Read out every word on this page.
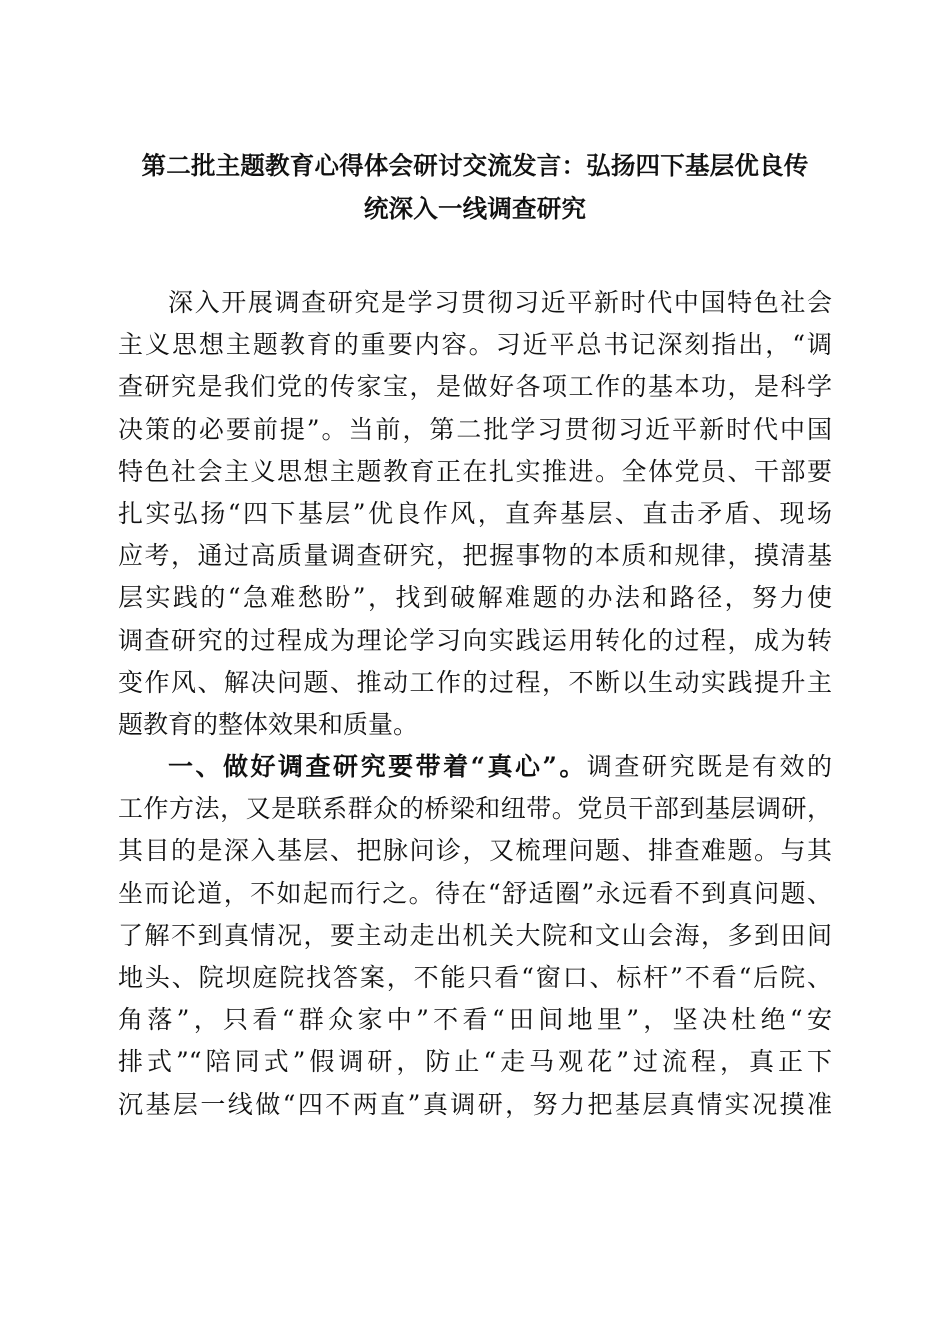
第二批主题教育心得体会研讨交流发言：弘扬四下基层优良传
统深入一线调查研究
深入开展调查研究是学习贯彻习近平新时代中国特色社会
主义思想主题教育的重要内容。习近平总书记深刻指出，“调
查研究是我们党的传家宝，是做好各项工作的基本功，是科学
决策的必要前提”。当前，第二批学习贯彻习近平新时代中国
特色社会主义思想主题教育正在扎实推进。全体党员、干部要
扎实弘扬“四下基层”优良作风，直奔基层、直击矛盾、现场
应考，通过高质量调查研究，把握事物的本质和规律，摸清基
层实践的“急难愁盼”，找到破解难题的办法和路径，努力使
调查研究的过程成为理论学习向实践运用转化的过程，成为转
变作风、解决问题、推动工作的过程，不断以生动实践提升主
题教育的整体效果和质量。
一、做好调查研究要带着“真心”。调查研究既是有效的
工作方法，又是联系群众的桥梁和纽带。党员干部到基层调研，
其目的是深入基层、把脉问诊，又梳理问题、排查难题。与其
坐而论道，不如起而行之。待在“舒适圈”永远看不到真问题、
了解不到真情况，要主动走出机关大院和文山会海，多到田间
地头、院坝庭院找答案，不能只看“窗口、标杆”不看“后院、
角落”，只看“群众家中”不看“田间地里”，坚决杜绝“安
排式”“陪同式”假调研，防止“走马观花”过流程，真正下
沉基层一线做“四不两直”真调研，努力把基层真情实况摸准
